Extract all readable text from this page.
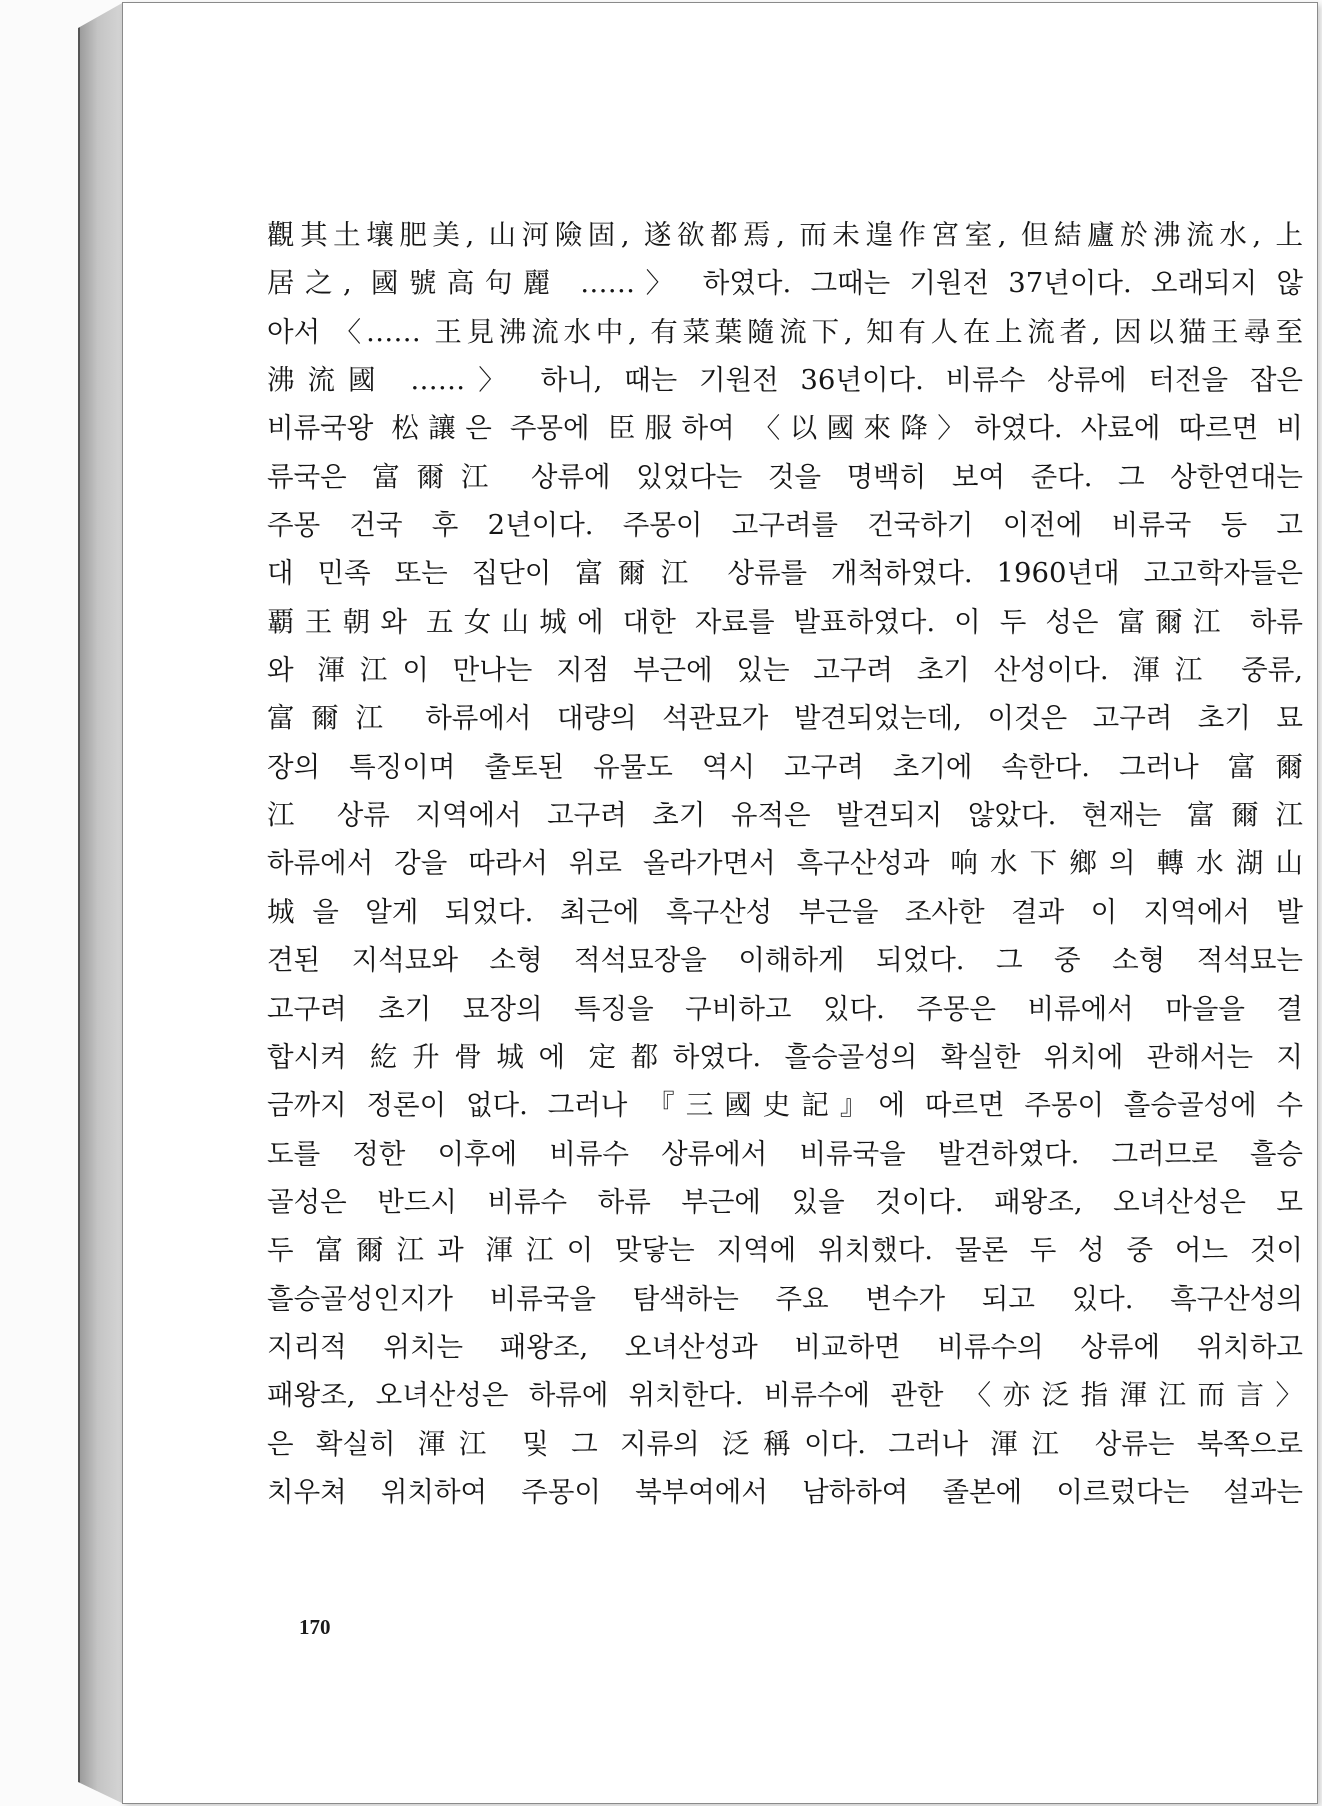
觀其土壤肥美, 山河險固, 遂欲都焉, 而未遑作宮室, 但結廬於沸流水, 上
居之, 國號高句麗 ……〉 하였다. 그때는 기원전 37년이다. 오래되지 않
아서 〈…… 王見沸流水中, 有菜葉隨流下, 知有人在上流者, 因以猫王尋至
沸流國 ……〉 하니, 때는 기원전 36년이다. 비류수 상류에 터전을 잡은
비류국왕 松讓은 주몽에 臣服하여 〈以國來降〉하였다. 사료에 따르면 비
류국은 富爾江 상류에 있었다는 것을 명백히 보여 준다. 그 상한연대는
주몽 건국 후 2년이다. 주몽이 고구려를 건국하기 이전에 비류국 등 고
대 민족 또는 집단이 富爾江 상류를 개척하였다. 1960년대 고고학자들은
覇王朝와 五女山城에 대한 자료를 발표하였다. 이 두 성은 富爾江 하류
와 渾江이 만나는 지점 부근에 있는 고구려 초기 산성이다. 渾江 중류,
富爾江 하류에서 대량의 석관묘가 발견되었는데, 이것은 고구려 초기 묘
장의 특징이며 출토된 유물도 역시 고구려 초기에 속한다. 그러나 富爾
江 상류 지역에서 고구려 초기 유적은 발견되지 않았다. 현재는 富爾江
하류에서 강을 따라서 위로 올라가면서 흑구산성과 响水下鄉의 轉水湖山
城을 알게 되었다. 최근에 흑구산성 부근을 조사한 결과 이 지역에서 발
견된 지석묘와 소형 적석묘장을 이해하게 되었다. 그 중 소형 적석묘는
고구려 초기 묘장의 특징을 구비하고 있다. 주몽은 비류에서 마을을 결
합시켜 紇升骨城에 定都하였다. 흘승골성의 확실한 위치에 관해서는 지
금까지 정론이 없다. 그러나 『三國史記』에 따르면 주몽이 흘승골성에 수
도를 정한 이후에 비류수 상류에서 비류국을 발견하였다. 그러므로 흘승
골성은 반드시 비류수 하류 부근에 있을 것이다. 패왕조, 오녀산성은 모
두 富爾江과 渾江이 맞닿는 지역에 위치했다. 물론 두 성 중 어느 것이
흘승골성인지가 비류국을 탐색하는 주요 변수가 되고 있다. 흑구산성의
지리적 위치는 패왕조, 오녀산성과 비교하면 비류수의 상류에 위치하고
패왕조, 오녀산성은 하류에 위치한다. 비류수에 관한 〈亦泛指渾江而言〉
은 확실히 渾江 및 그 지류의 泛稱이다. 그러나 渾江 상류는 북쪽으로
치우쳐 위치하여 주몽이 북부여에서 남하하여 졸본에 이르렀다는 설과는
170
